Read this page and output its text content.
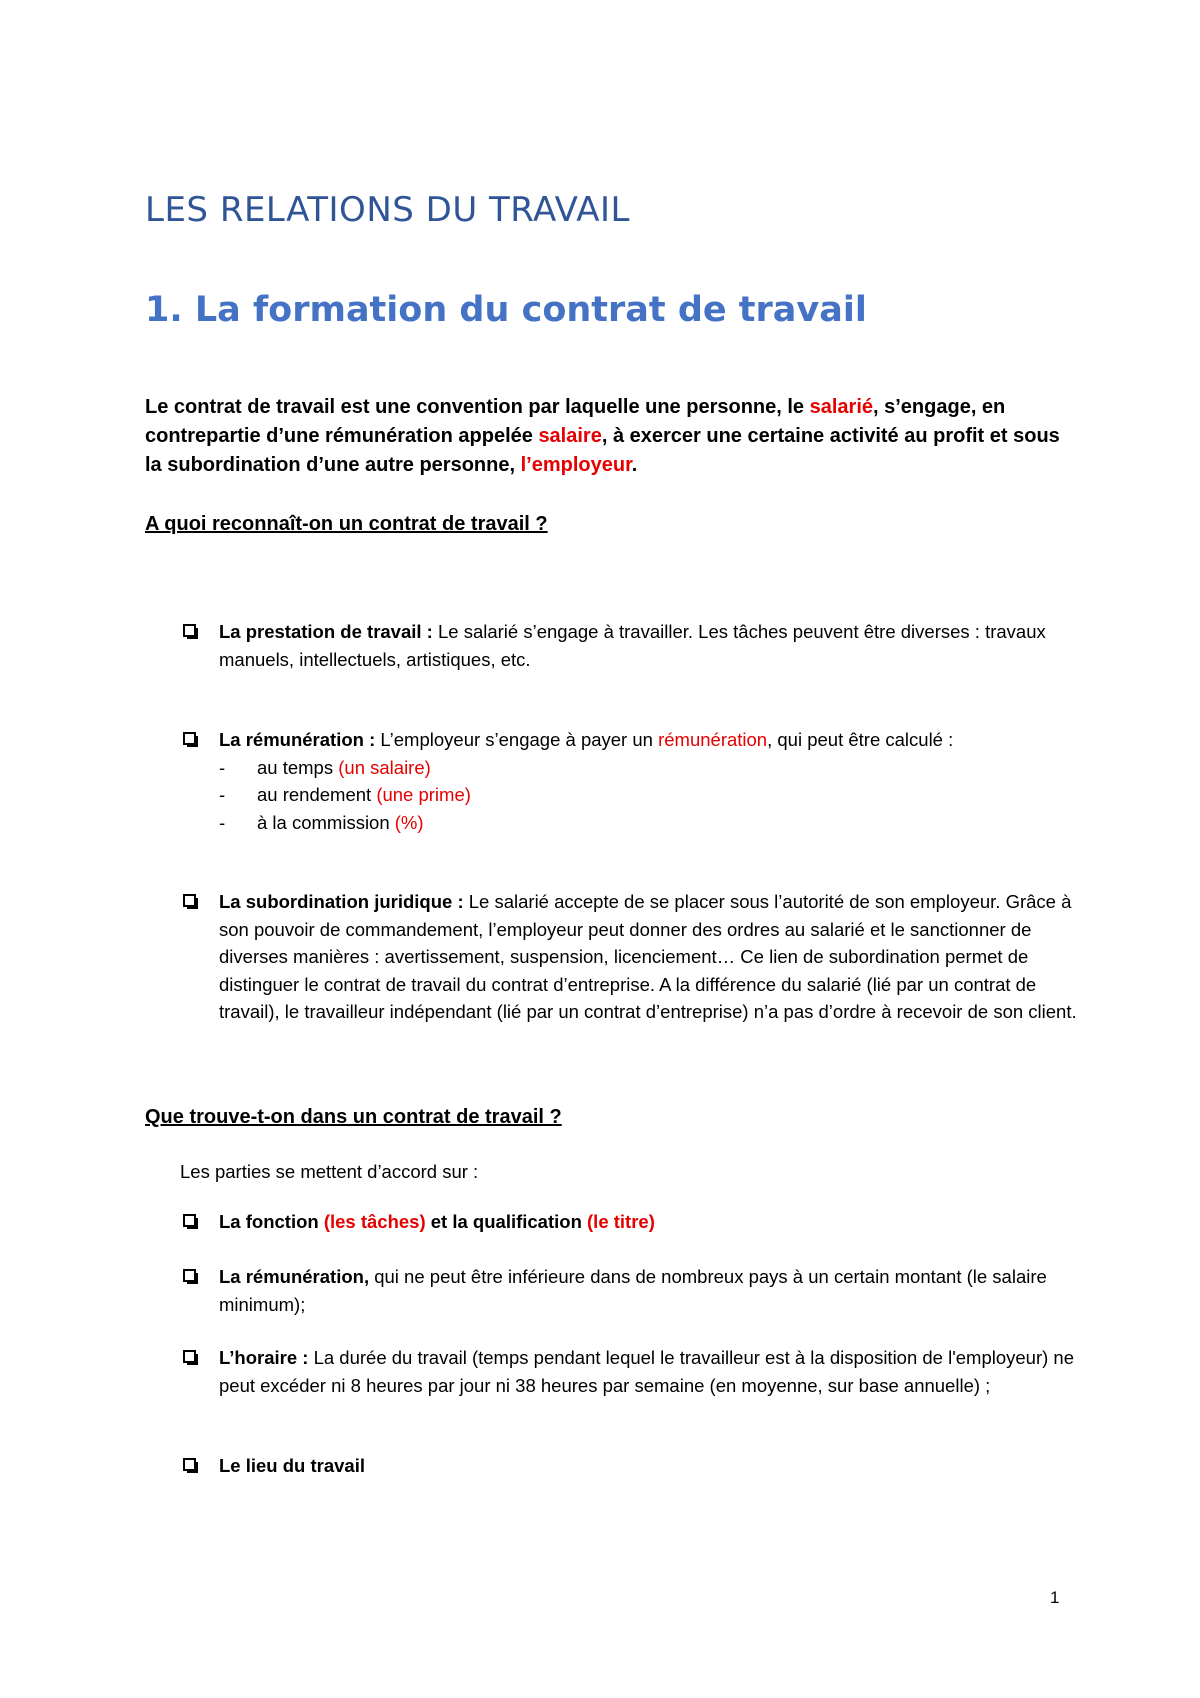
LES RELATIONS DU TRAVAIL
1. La formation du contrat de travail

Le contrat de travail est une convention par laquelle une personne, le salarié, s’engage, en contrepartie d’une rémunération appelée salaire, à exercer une certaine activité au profit et sous la subordination d’une autre personne, l’employeur.

A quoi reconnaît-on un contrat de travail ?

La prestation de travail : Le salarié s’engage à travailler. Les tâches peuvent être diverses : travaux manuels, intellectuels, artistiques, etc.
La rémunération : L’employeur s’engage à payer un rémunération, qui peut être calculé :
- au temps (un salaire)
- au rendement (une prime)
- à la commission (%)
La subordination juridique : Le salarié accepte de se placer sous l’autorité de son employeur. Grâce à son pouvoir de commandement, l’employeur peut donner des ordres au salarié et le sanctionner de diverses manières : avertissement, suspension, licenciement… Ce lien de subordination permet de distinguer le contrat de travail du contrat d’entreprise. A la différence du salarié (lié par un contrat de travail), le travailleur indépendant (lié par un contrat d’entreprise) n’a pas d’ordre à recevoir de son client.

Que trouve-t-on dans un contrat de travail ?

Les parties se mettent d’accord sur :

La fonction (les tâches) et la qualification (le titre)
La rémunération, qui ne peut être inférieure dans de nombreux pays à un certain montant (le salaire minimum);
L’horaire : La durée du travail (temps pendant lequel le travailleur est à la disposition de l'employeur) ne peut excéder ni 8 heures par jour ni 38 heures par semaine (en moyenne, sur base annuelle) ;
Le lieu du travail
1
